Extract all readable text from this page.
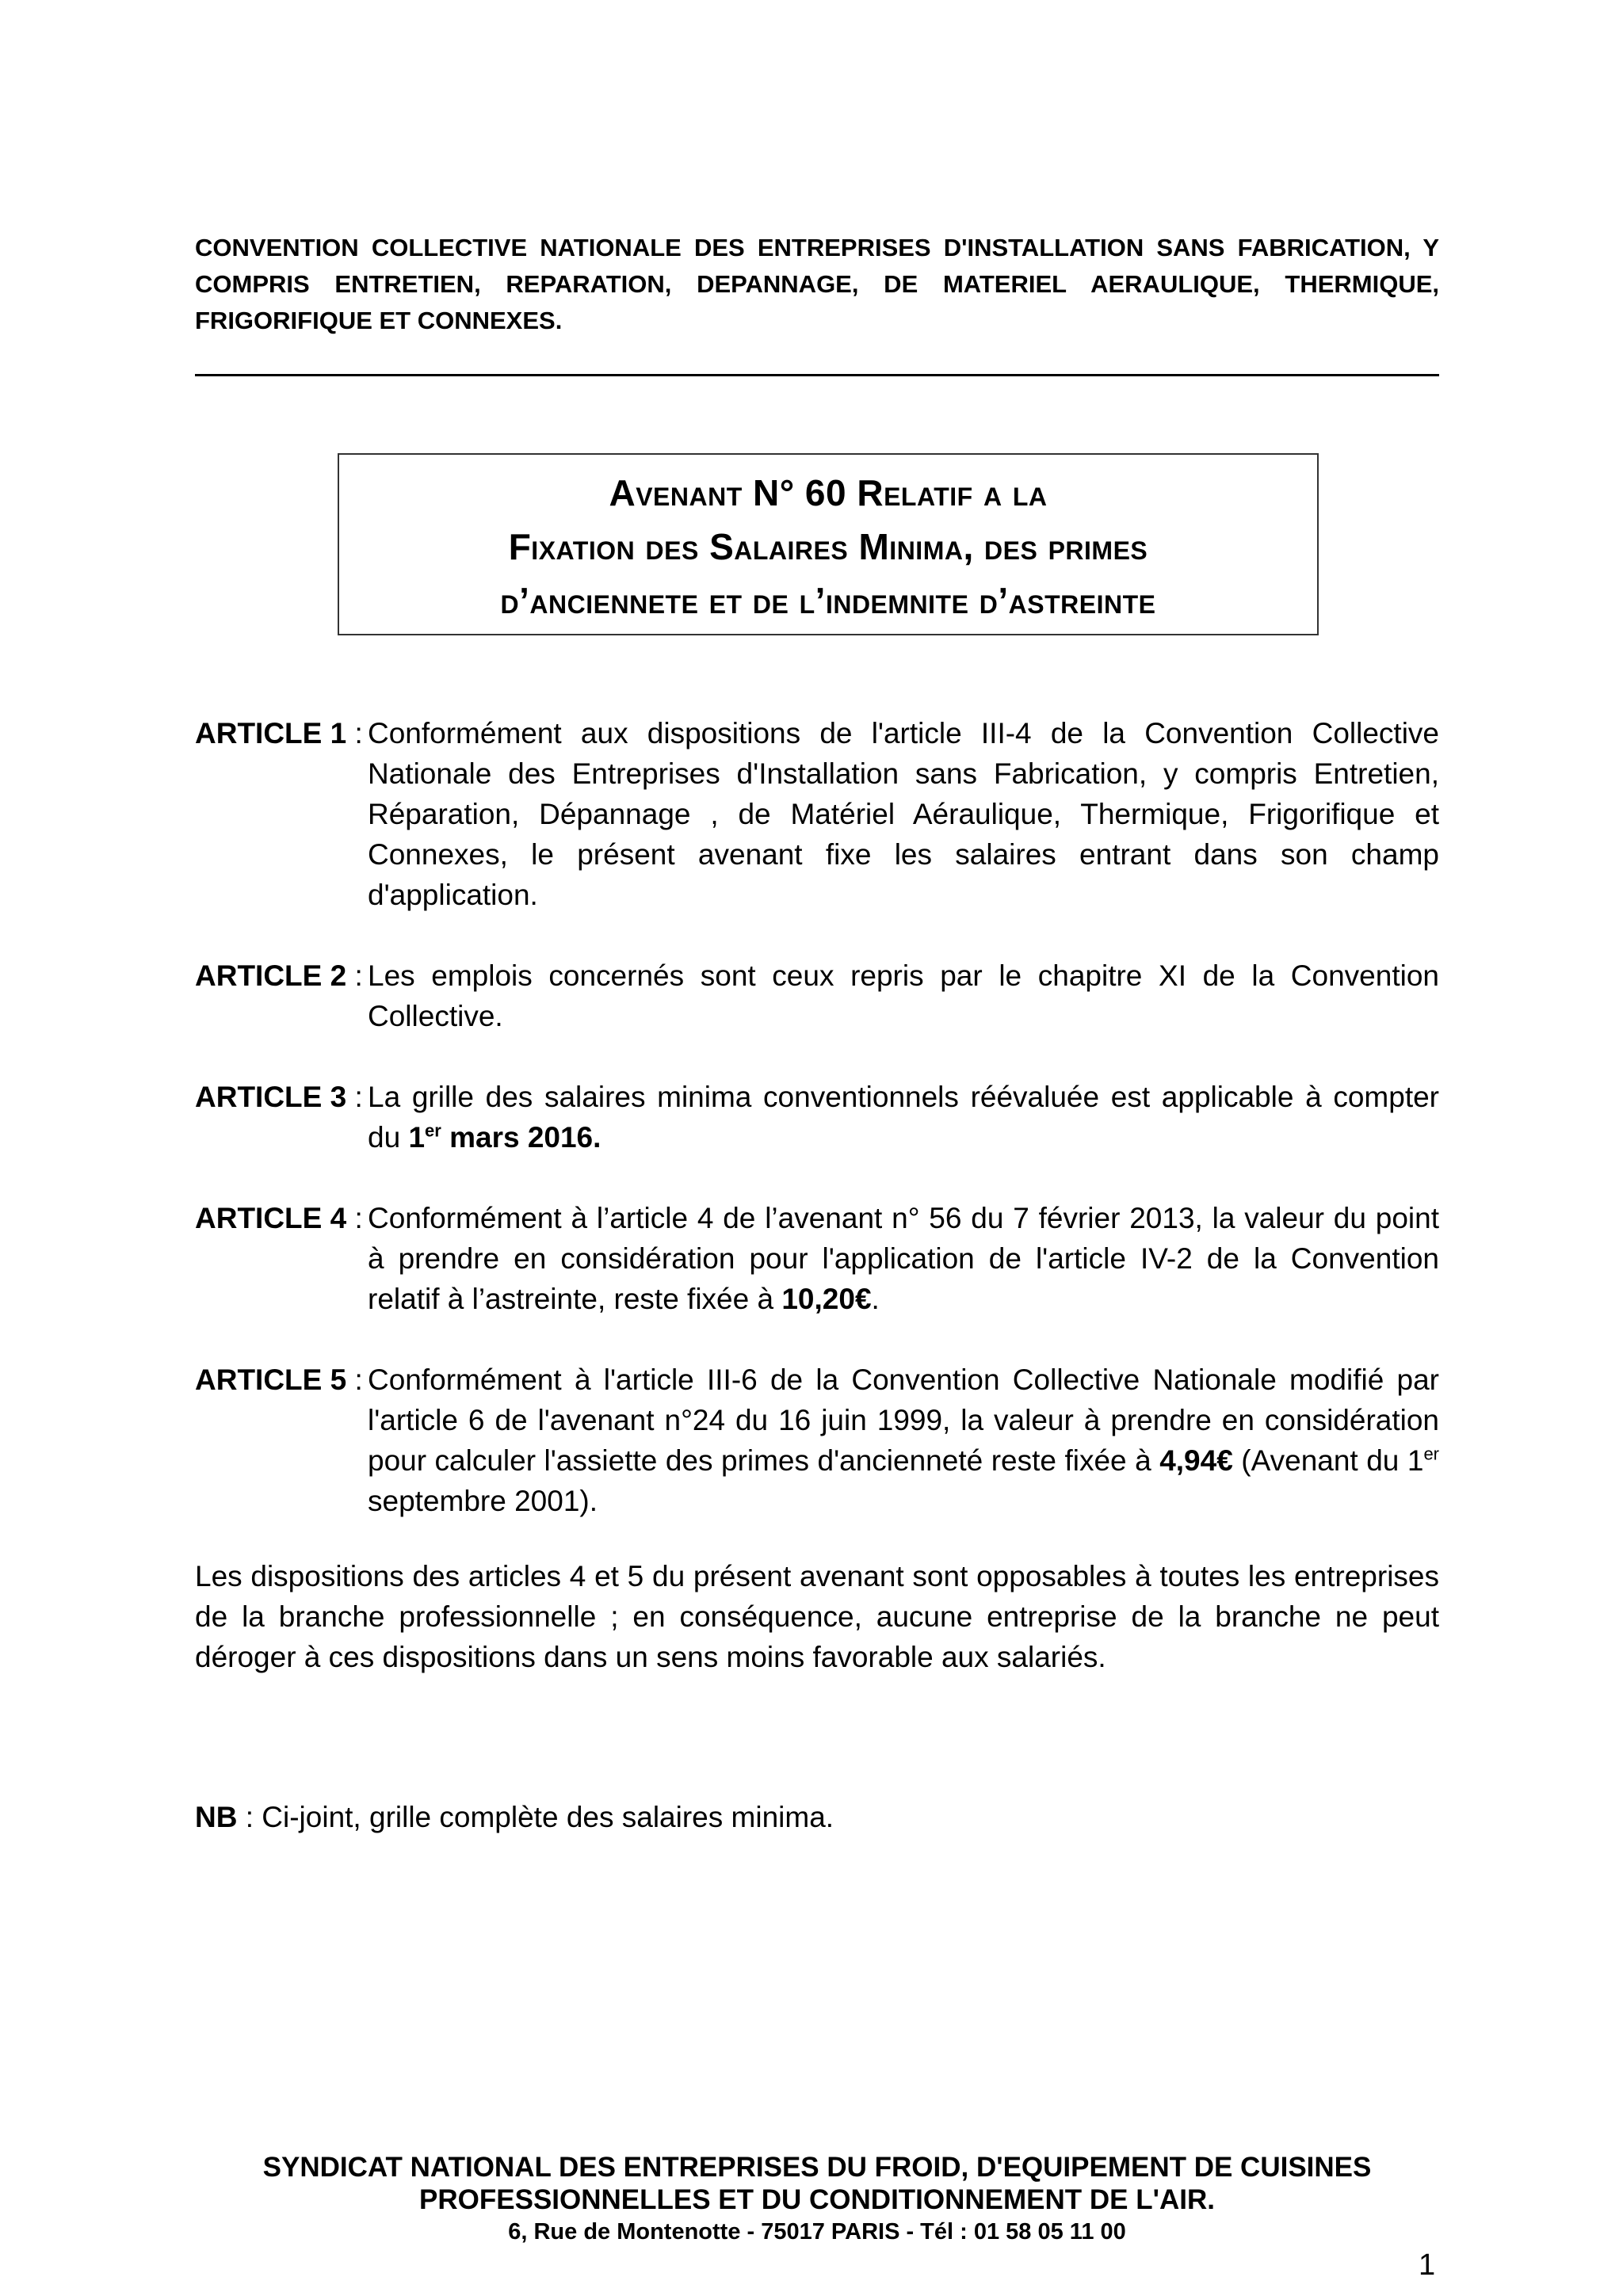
CONVENTION COLLECTIVE NATIONALE DES ENTREPRISES D'INSTALLATION SANS FABRICATION, Y COMPRIS ENTRETIEN, REPARATION, DEPANNAGE, DE MATERIEL AERAULIQUE, THERMIQUE, FRIGORIFIQUE ET CONNEXES.
Avenant N° 60 Relatif a la
Fixation des Salaires Minima, des primes
d’anciennete et de l’indemnite d’astreinte
ARTICLE 1 : Conformément aux dispositions de l'article III-4 de la Convention Collective Nationale des Entreprises d'Installation sans Fabrication, y compris Entretien, Réparation, Dépannage , de Matériel Aéraulique, Thermique, Frigorifique et Connexes, le présent avenant fixe les salaires entrant dans son champ d'application.
ARTICLE 2 : Les emplois concernés sont ceux repris par le chapitre XI de la Convention Collective.
ARTICLE 3 : La grille des salaires minima conventionnels réévaluée est applicable à compter du 1er mars 2016.
ARTICLE 4 : Conformément à l’article 4 de l’avenant n° 56 du 7 février 2013, la valeur du point à prendre en considération pour l'application de l'article IV-2 de la Convention relatif à l’astreinte, reste fixée à 10,20€.
ARTICLE 5 : Conformément à l'article III-6 de la Convention Collective Nationale modifié par l'article 6 de l'avenant n°24 du 16 juin 1999, la valeur à prendre en considération pour calculer l'assiette des primes d'ancienneté reste fixée à 4,94€ (Avenant du 1er septembre 2001).
Les dispositions des articles 4 et 5 du présent avenant sont opposables à toutes les entreprises de la branche professionnelle ; en conséquence, aucune entreprise de la branche ne peut déroger à ces dispositions dans un sens moins favorable aux salariés.
NB : Ci-joint, grille complète des salaires minima.
SYNDICAT NATIONAL DES ENTREPRISES DU FROID, D'EQUIPEMENT DE CUISINES
PROFESSIONNELLES ET DU CONDITIONNEMENT DE L'AIR.
6, Rue de Montenotte - 75017 PARIS - Tél : 01 58 05 11 00
1
